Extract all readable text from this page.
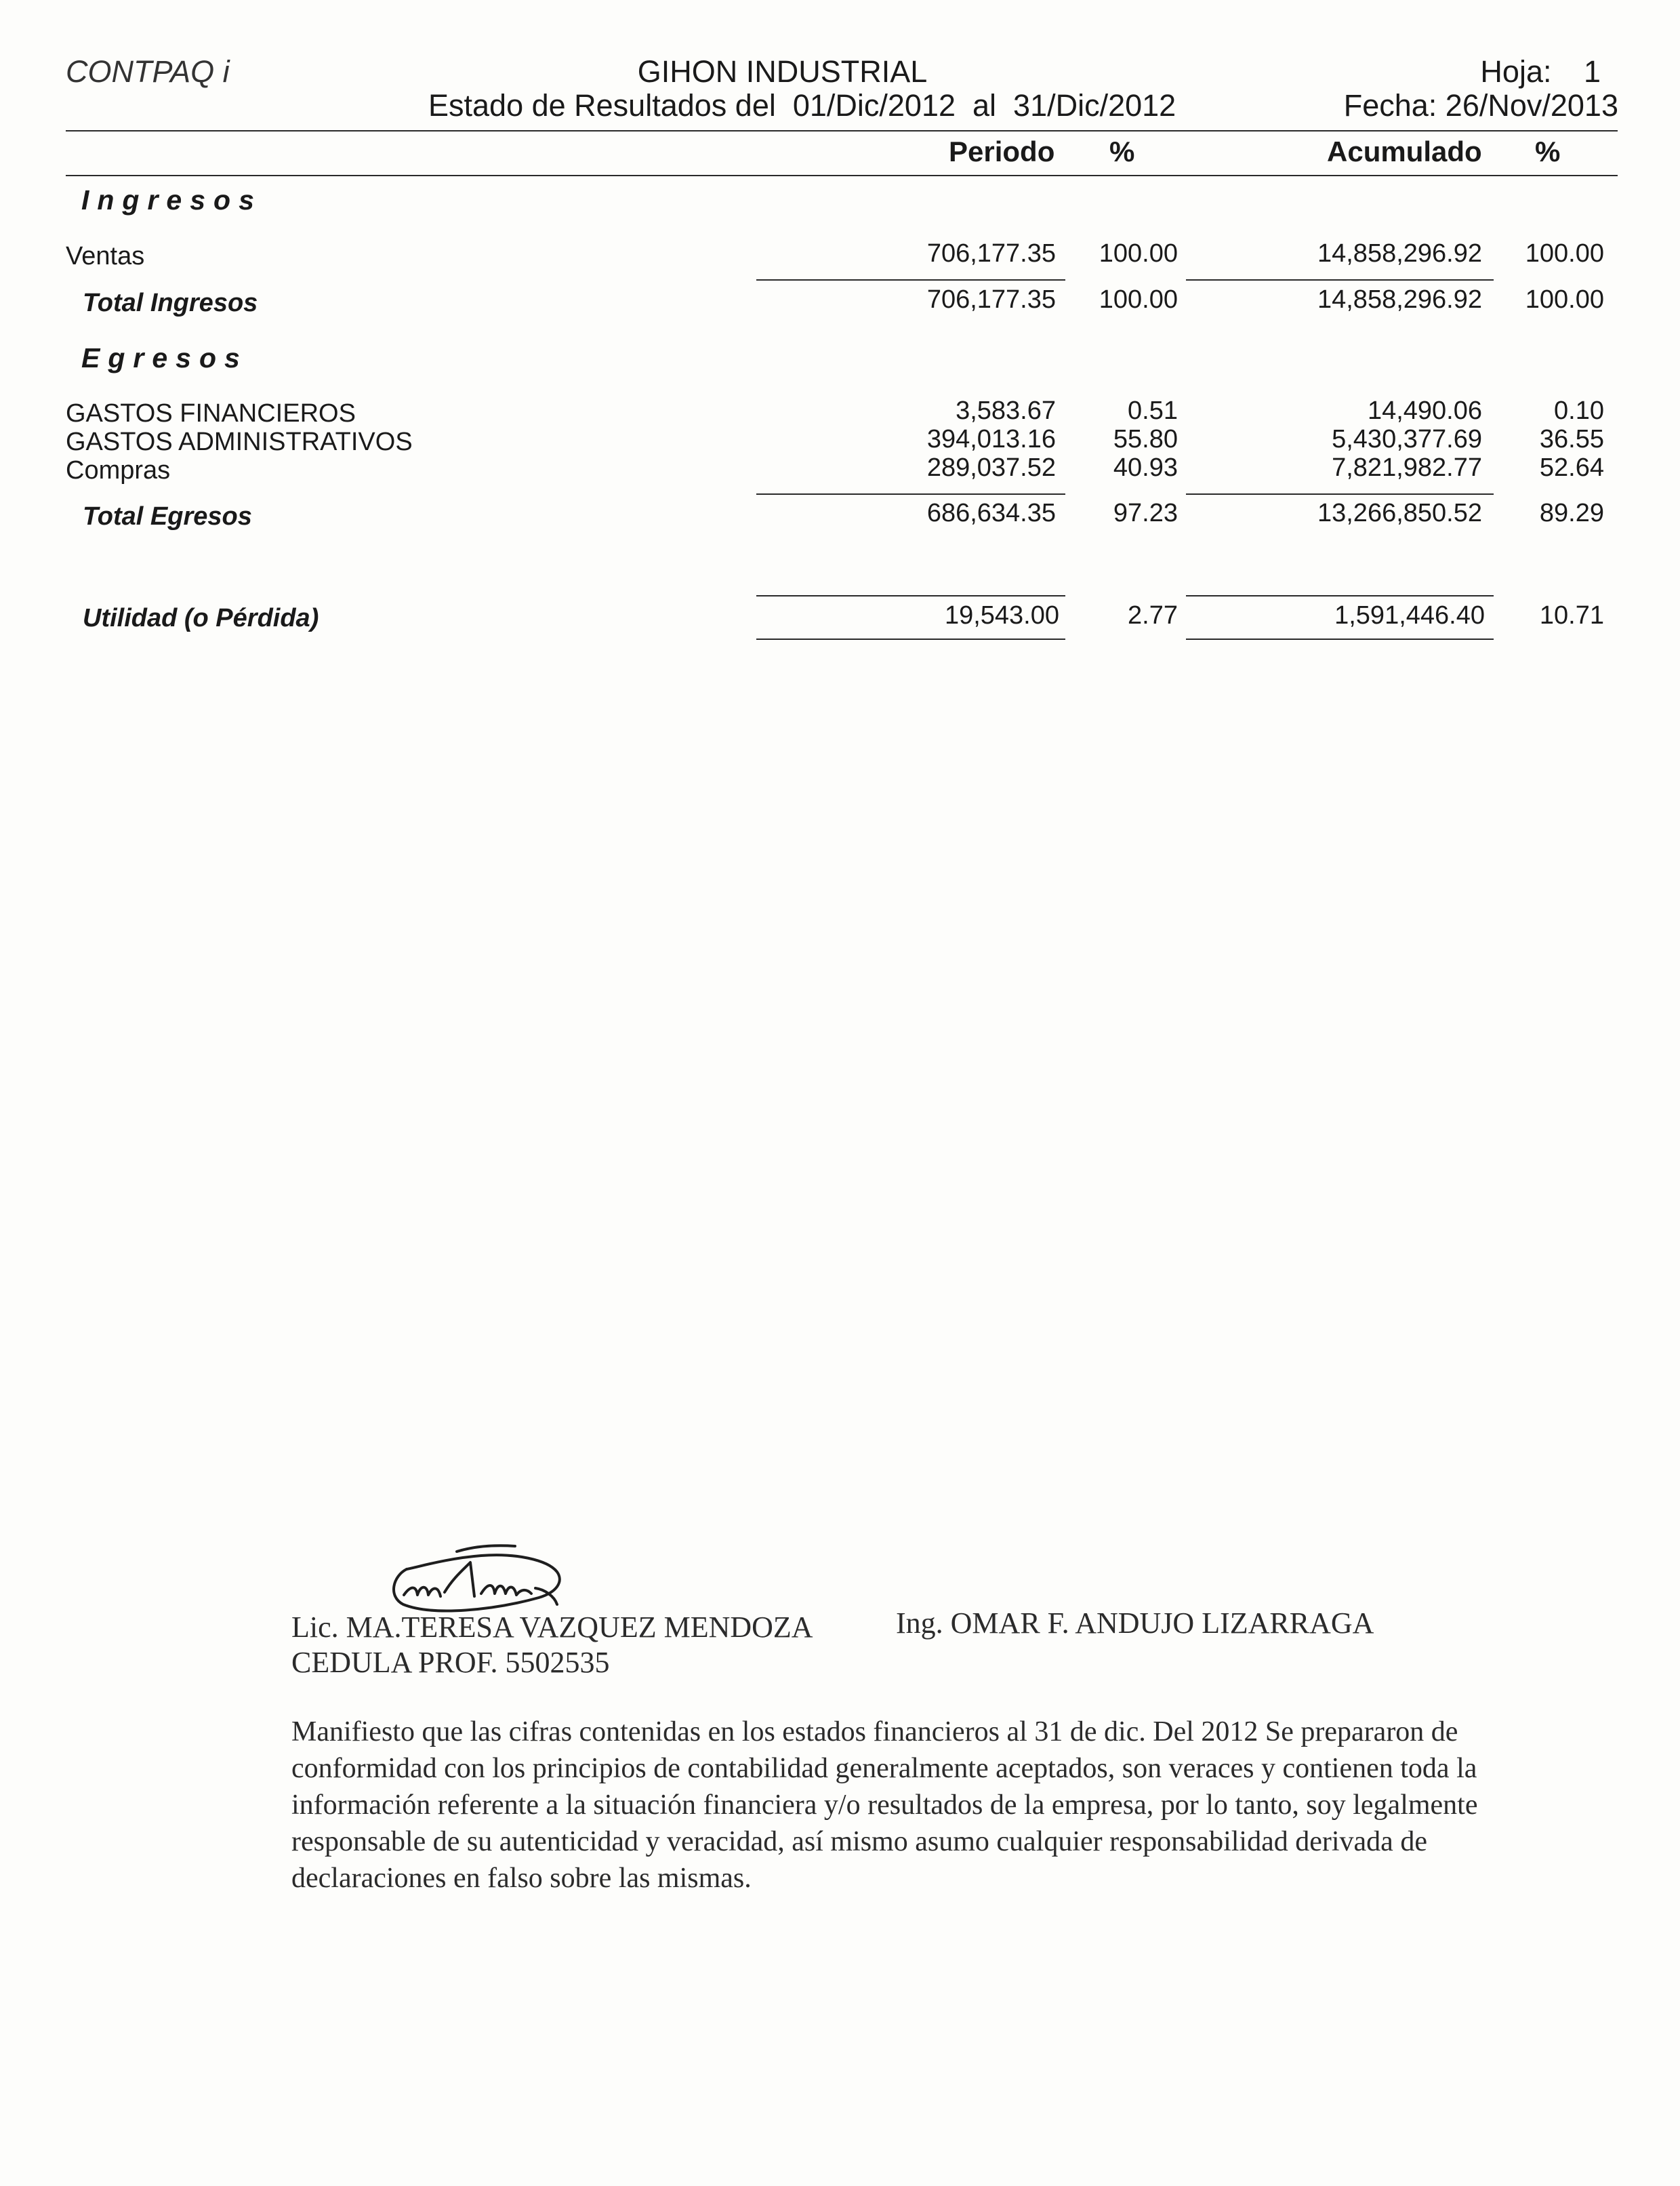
CONTPAQ i	GIHON INDUSTRIAL
Estado de Resultados del  01/Dic/2012  al  31/Dic/2012
Hoja: 1
Fecha: 26/Nov/2013
Periodo %	Acumulado %
Ingresos
Ventas	706,177.35 100.00	14,858,296.92 100.00
Total Ingresos	706,177.35 100.00	14,858,296.92 100.00
Egresos
GASTOS FINANCIEROS	3,583.67	0.51	14,490.06	0.10
GASTOS ADMINISTRATIVOS	394,013.16 55.80	5,430,377.69 36.55
Compras	289,037.52 40.93	7,821,982.77 52.64
Total Egresos	686,634.35 97.23	13,266,850.52 89.29
Utilidad (o Pérdida)	19,543.00	2.77	1,591,446.40 10.71
Lic. MA.TERESA VAZQUEZ MENDOZA
CEDULA PROF. 5502535
Ing. OMAR F. ANDUJO LIZARRAGA
Manifiesto que las cifras contenidas en los estados financieros al 31 de dic. Del 2012 Se prepararon de conformidad con los principios de contabilidad generalmente aceptados, son veraces y contienen toda la información referente a la situación financiera y/o resultados de la empresa, por lo tanto, soy legalmente responsable de su autenticidad y veracidad, así mismo asumo cualquier responsabilidad derivada de declaraciones en falso sobre las mismas.
